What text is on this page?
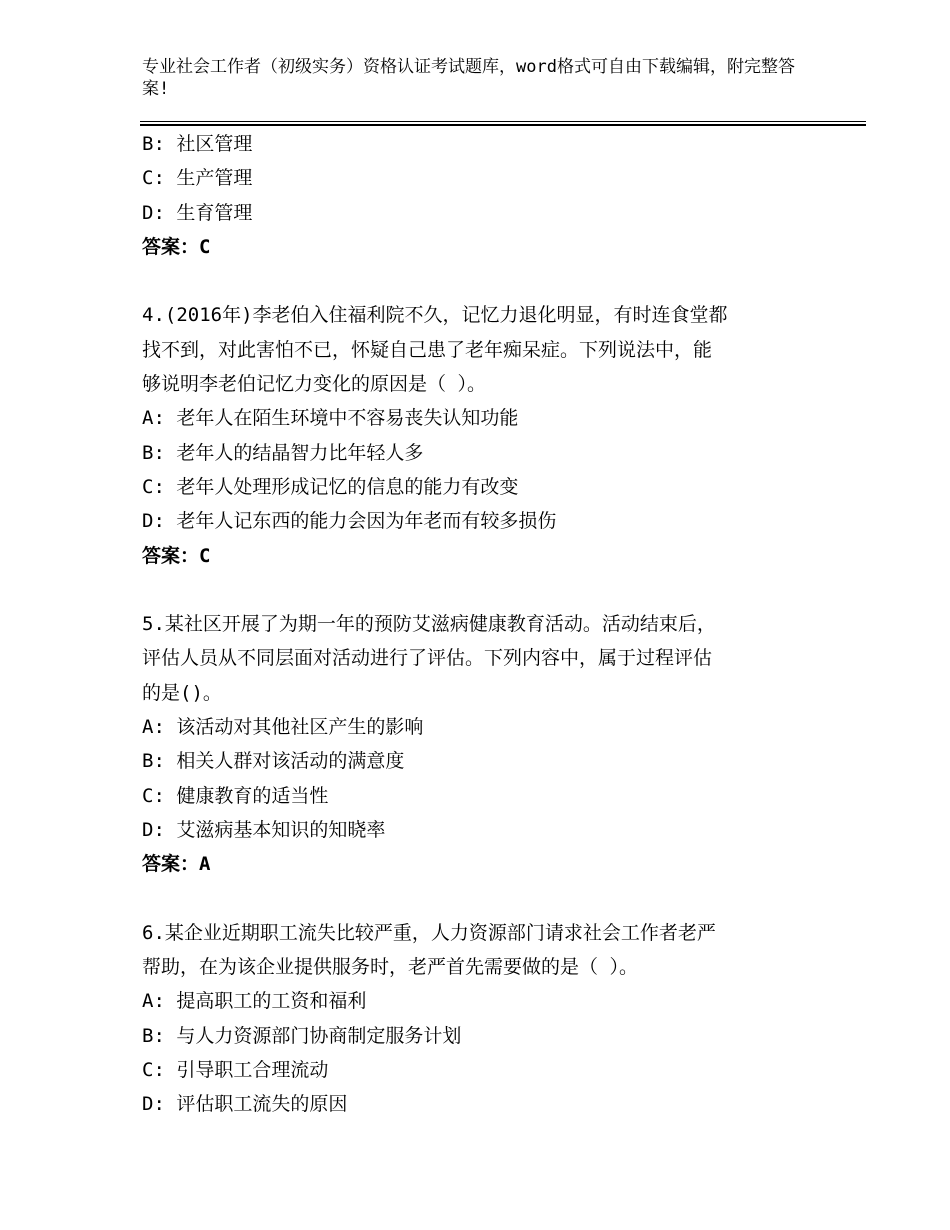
专业社会工作者（初级实务）资格认证考试题库，word格式可自由下载编辑，附完整答案!
B: 社区管理
C: 生产管理
D: 生育管理
答案：C
4.(2016年)李老伯入住福利院不久，记忆力退化明显，有时连食堂都
找不到，对此害怕不已，怀疑自己患了老年痴呆症。下列说法中，能
够说明李老伯记忆力变化的原因是（ ）。
A: 老年人在陌生环境中不容易丧失认知功能
B: 老年人的结晶智力比年轻人多
C: 老年人处理形成记忆的信息的能力有改变
D: 老年人记东西的能力会因为年老而有较多损伤
答案：C
5.某社区开展了为期一年的预防艾滋病健康教育活动。活动结束后，
评估人员从不同层面对活动进行了评估。下列内容中，属于过程评估
的是()。
A: 该活动对其他社区产生的影响
B: 相关人群对该活动的满意度
C: 健康教育的适当性
D: 艾滋病基本知识的知晓率
答案：A
6.某企业近期职工流失比较严重，人力资源部门请求社会工作者老严
帮助，在为该企业提供服务时，老严首先需要做的是（ ）。
A: 提高职工的工资和福利
B: 与人力资源部门协商制定服务计划
C: 引导职工合理流动
D: 评估职工流失的原因
